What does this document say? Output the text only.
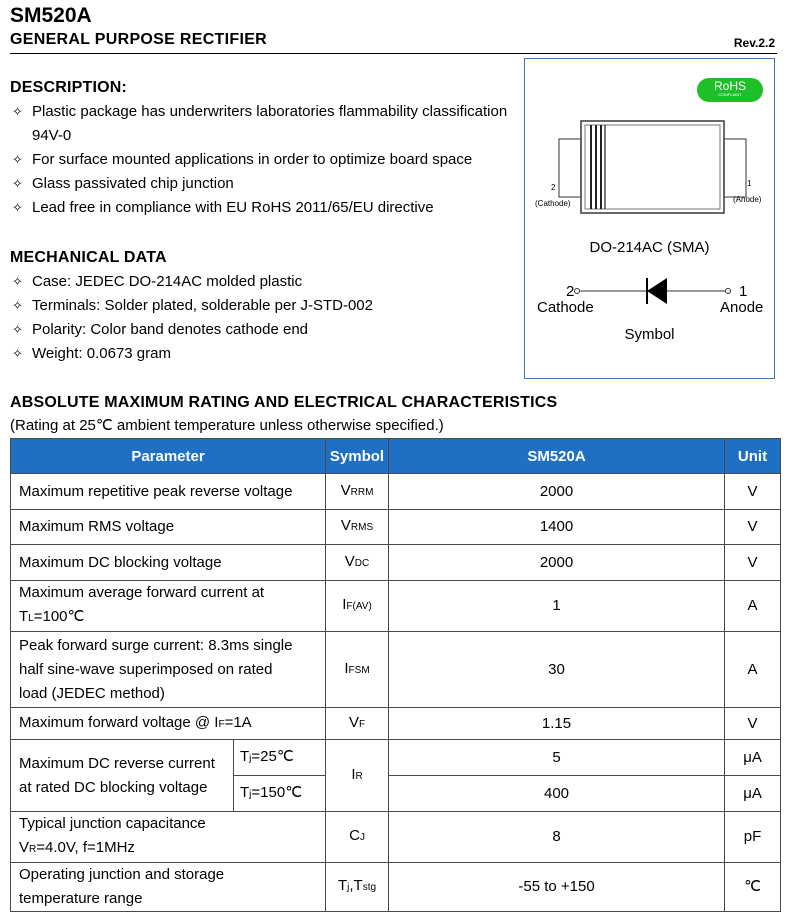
SM520A
GENERAL PURPOSE RECTIFIER	Rev.2.2
DESCRIPTION:
✧ Plastic package has underwriters laboratories flammability classification 94V-0
✧ For surface mounted applications in order to optimize board space
✧ Glass passivated chip junction
✧ Lead free in compliance with EU RoHS 2011/65/EU directive
MECHANICAL DATA
✧ Case: JEDEC DO-214AC molded plastic
✧ Terminals: Solder plated, solderable per J-STD-002
✧ Polarity: Color band denotes cathode end
✧ Weight: 0.0673 gram
RoHS
COMPLIANT
2
(Cathode)
1
(Anode)
DO-214AC (SMA)
2
Cathode
1
Anode
Symbol
ABSOLUTE MAXIMUM RATING AND ELECTRICAL CHARACTERISTICS
(Rating at 25℃ ambient temperature unless otherwise specified.)
Parameter		Symbol	SM520A	Unit
Maximum repetitive peak reverse voltage		VRRM	2000	V
Maximum RMS voltage		VRMS	1400	V
Maximum DC blocking voltage		VDC	2000	V

Maximum average forward current at
TL=100℃		IF(AV)	1	A

Peak forward surge current: 8.3ms single
half sine-wave superimposed on rated
load (JEDEC method)		IFSM	30	A
Maximum forward voltage @ IF=1A		VF	1.15	V

Maximum DC reverse current
at rated DC blocking voltage	Tj=25℃	IR	5	μA
	Tj=150℃		400	μA

Typical junction capacitance
VR=4.0V, f=1MHz		CJ	8	pF

Operating junction and storage
temperature range		Tj,Tstg	-55 to +150	℃
